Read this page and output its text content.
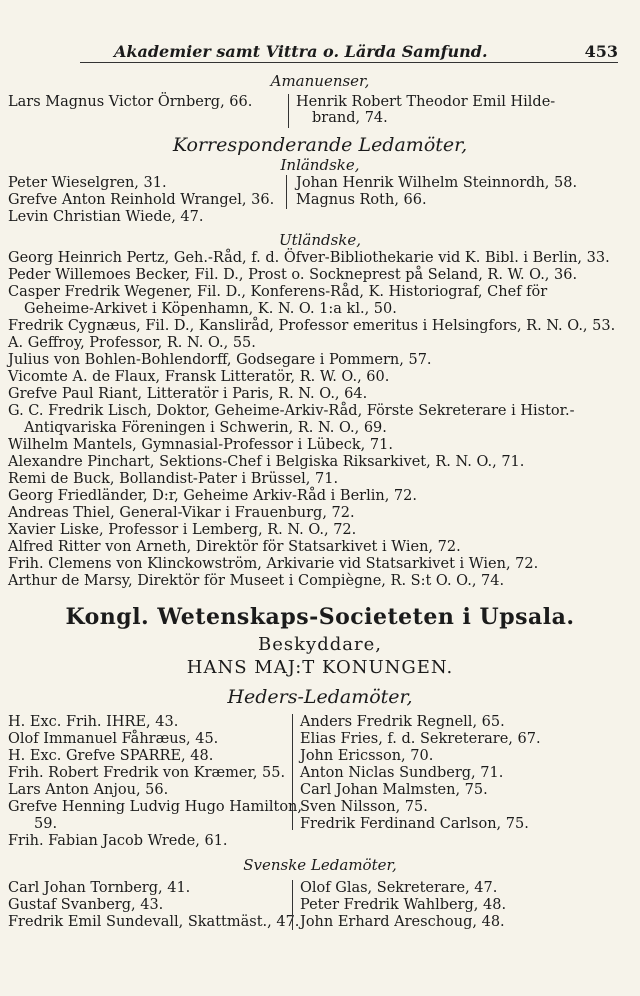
Akademier samt Vittra o. Lärda Samfund.	453
Amanuenser,
Lars Magnus Victor Örnberg, 66.	Henrik Robert Theodor Emil Hilde-
brand, 74.
Korresponderande Ledamöter,
Inländske,
Peter Wieselgren, 31.
Grefve Anton Reinhold Wrangel, 36.
Levin Christian Wiede, 47.
Johan Henrik Wilhelm Steinnordh, 58.
Magnus Roth, 66.
Utländske,
Georg Heinrich Pertz, Geh.-Råd, f. d. Öfver-Bibliothekarie vid K. Bibl. i Berlin, 33.
Peder Willemoes Becker, Fil. D., Prost o. Sockneprest på Seland, R. W. O., 36.
Casper Fredrik Wegener, Fil. D., Konferens-Råd, K. Historiograf, Chef för
Geheime-Arkivet i Köpenhamn, K. N. O. 1:a kl., 50.
Fredrik Cygnæus, Fil. D., Kansliråd, Professor emeritus i Helsingfors, R. N. O., 53.
A. Geffroy, Professor, R. N. O., 55.
Julius von Bohlen-Bohlendorff, Godsegare i Pommern, 57.
Vicomte A. de Flaux, Fransk Litteratör, R. W. O., 60.
Grefve Paul Riant, Litteratör i Paris, R. N. O., 64.
G. C. Fredrik Lisch, Doktor, Geheime-Arkiv-Råd, Förste Sekreterare i Histor.-
Antiqvariska Föreningen i Schwerin, R. N. O., 69.
Wilhelm Mantels, Gymnasial-Professor i Lübeck, 71.
Alexandre Pinchart, Sektions-Chef i Belgiska Riksarkivet, R. N. O., 71.
Remi de Buck, Bollandist-Pater i Brüssel, 71.
Georg Friedländer, D:r, Geheime Arkiv-Råd i Berlin, 72.
Andreas Thiel, General-Vikar i Frauenburg, 72.
Xavier Liske, Professor i Lemberg, R. N. O., 72.
Alfred Ritter von Arneth, Direktör för Statsarkivet i Wien, 72.
Frih. Clemens von Klinckowström, Arkivarie vid Statsarkivet i Wien, 72.
Arthur de Marsy, Direktör för Museet i Compiègne, R. S:t O. O., 74.
Kongl. Wetenskaps-Societeten i Upsala.
Beskyddare,
HANS MAJ:T KONUNGEN.
Heders-Ledamöter,
H. Exc. Frih. IHRE, 43.
Olof Immanuel Fåhræus, 45.
H. Exc. Grefve SPARRE, 48.
Frih. Robert Fredrik von Kræmer, 55.
Lars Anton Anjou, 56.
Grefve Henning Ludvig Hugo Hamilton,
59.
Frih. Fabian Jacob Wrede, 61.
Anders Fredrik Regnell, 65.
Elias Fries, f. d. Sekreterare, 67.
John Ericsson, 70.
Anton Niclas Sundberg, 71.
Carl Johan Malmsten, 75.
Sven Nilsson, 75.
Fredrik Ferdinand Carlson, 75.
Svenske Ledamöter,
Carl Johan Tornberg, 41.
Gustaf Svanberg, 43.
Fredrik Emil Sundevall, Skattmäst., 47.
Olof Glas, Sekreterare, 47.
Peter Fredrik Wahlberg, 48.
John Erhard Areschoug, 48.
